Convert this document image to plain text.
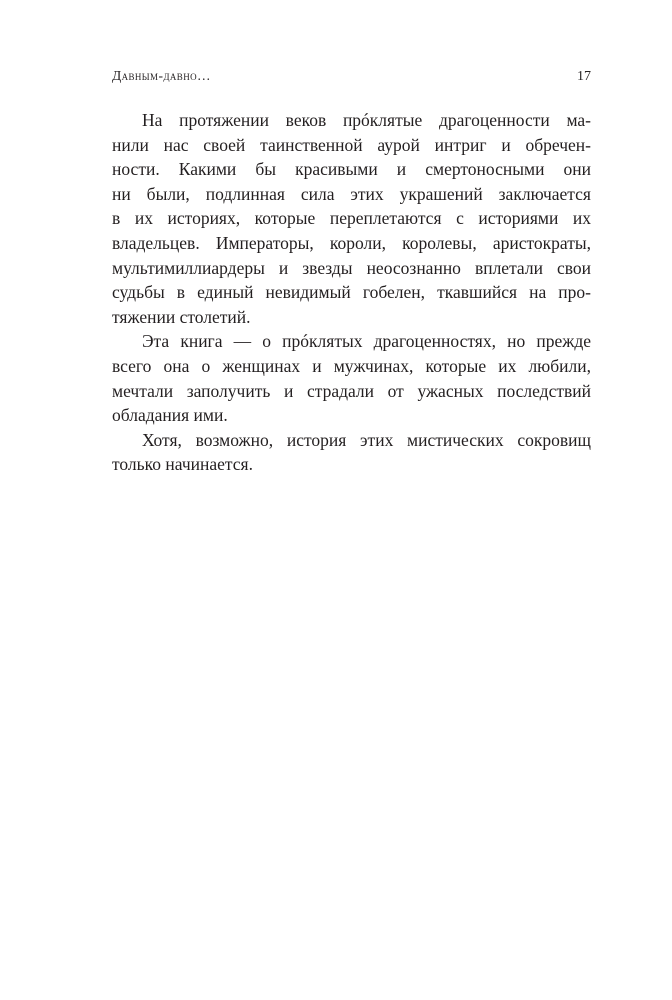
Давным-давно…	17

На протяжении веков прóклятые драгоценности ма-
нили нас своей таинственной аурой интриг и обречен-
ности. Какими бы красивыми и смертоносными они
ни были, подлинная сила этих украшений заключается
в их историях, которые переплетаются с историями их
владельцев. Императоры, короли, королевы, аристократы,
мультимиллиардеры и звезды неосознанно вплетали свои
судьбы в единый невидимый гобелен, ткавшийся на про-
тяжении столетий.

Эта книга — о прóклятых драгоценностях, но прежде
всего она о женщинах и мужчинах, которые их любили,
мечтали заполучить и страдали от ужасных последствий
обладания ими.

Хотя, возможно, история этих мистических сокровищ
только начинается.
